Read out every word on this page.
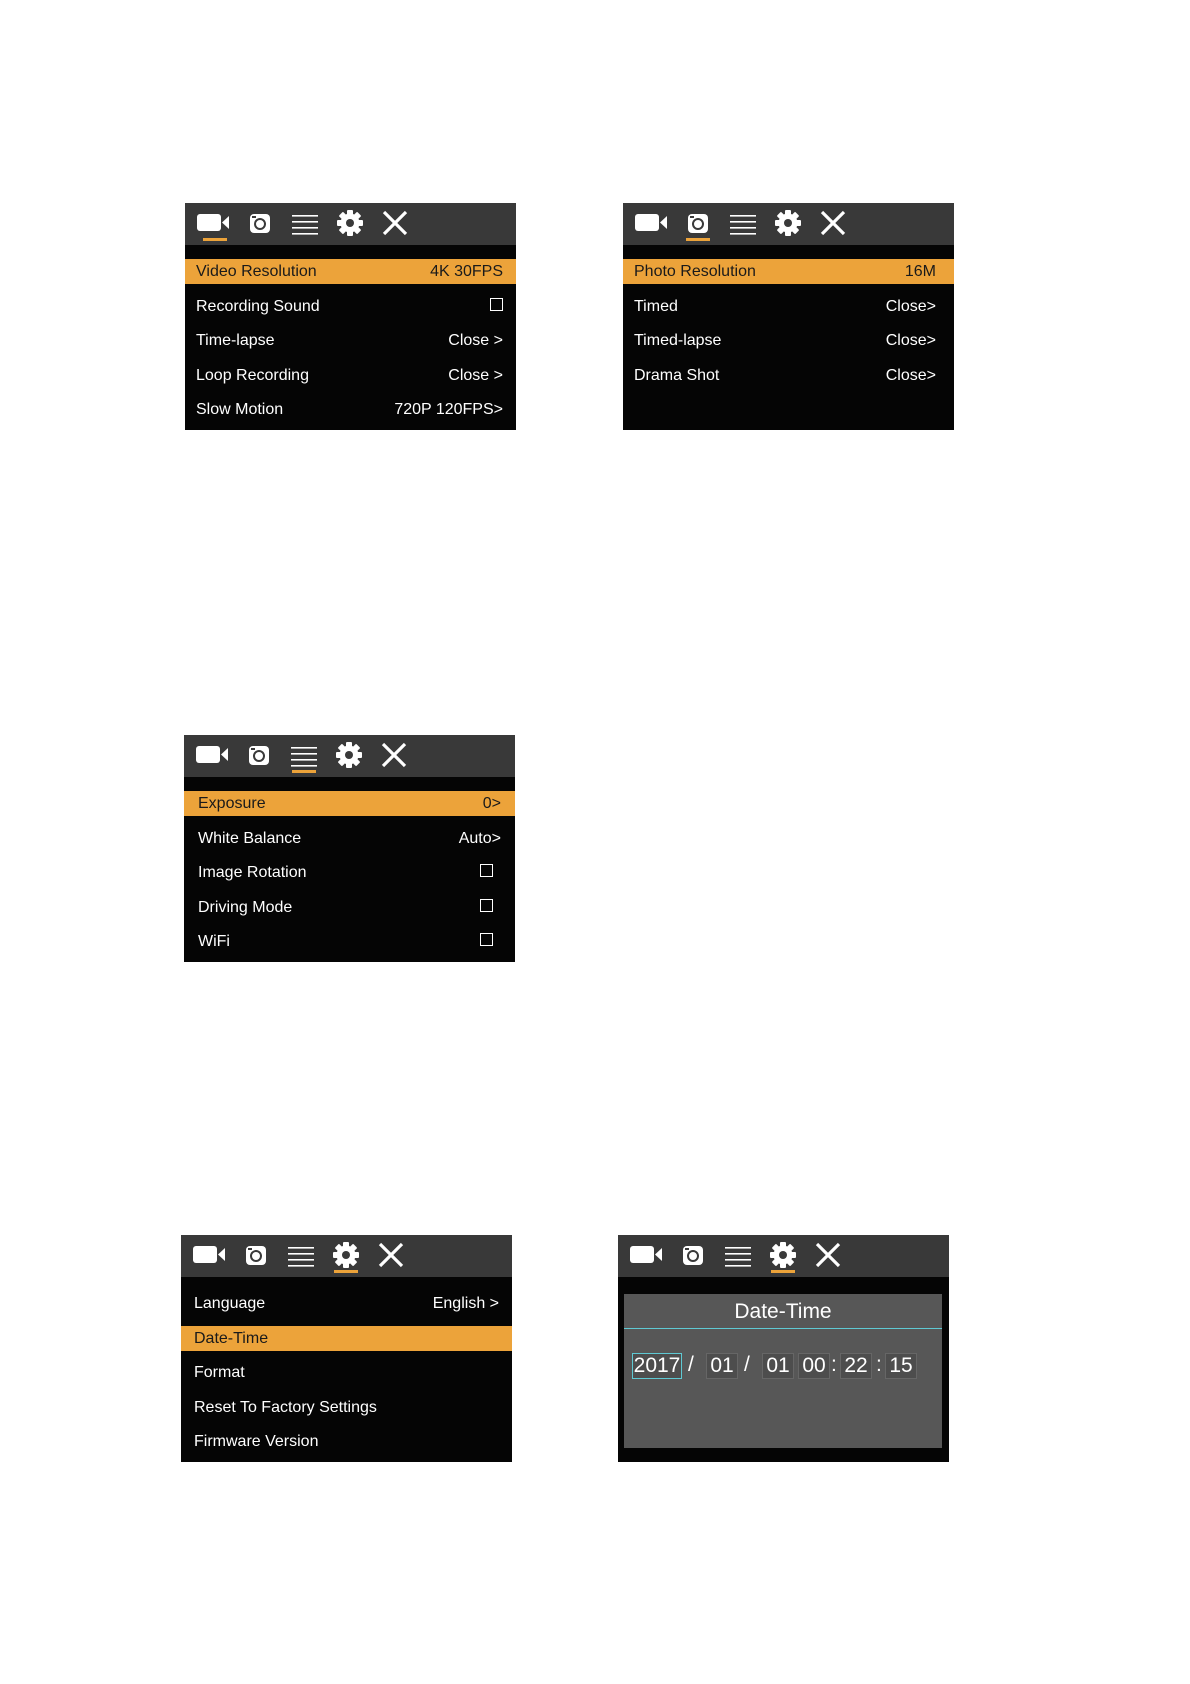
Video Resolution	4K 30FPS
Recording Sound
Time-lapse	Close >
Loop Recording	Close >
Slow Motion	720P 120FPS>
Photo Resolution	16M
Timed	Close>
Timed-lapse	Close>
Drama Shot	Close>
Exposure	0>
White Balance	Auto>
Image Rotation
Driving Mode
WiFi
Language	English >
Date-Time
Format
Reset To Factory Settings
Firmware Version
Date-Time
2017 / 01 / 01 00 : 22 : 15
